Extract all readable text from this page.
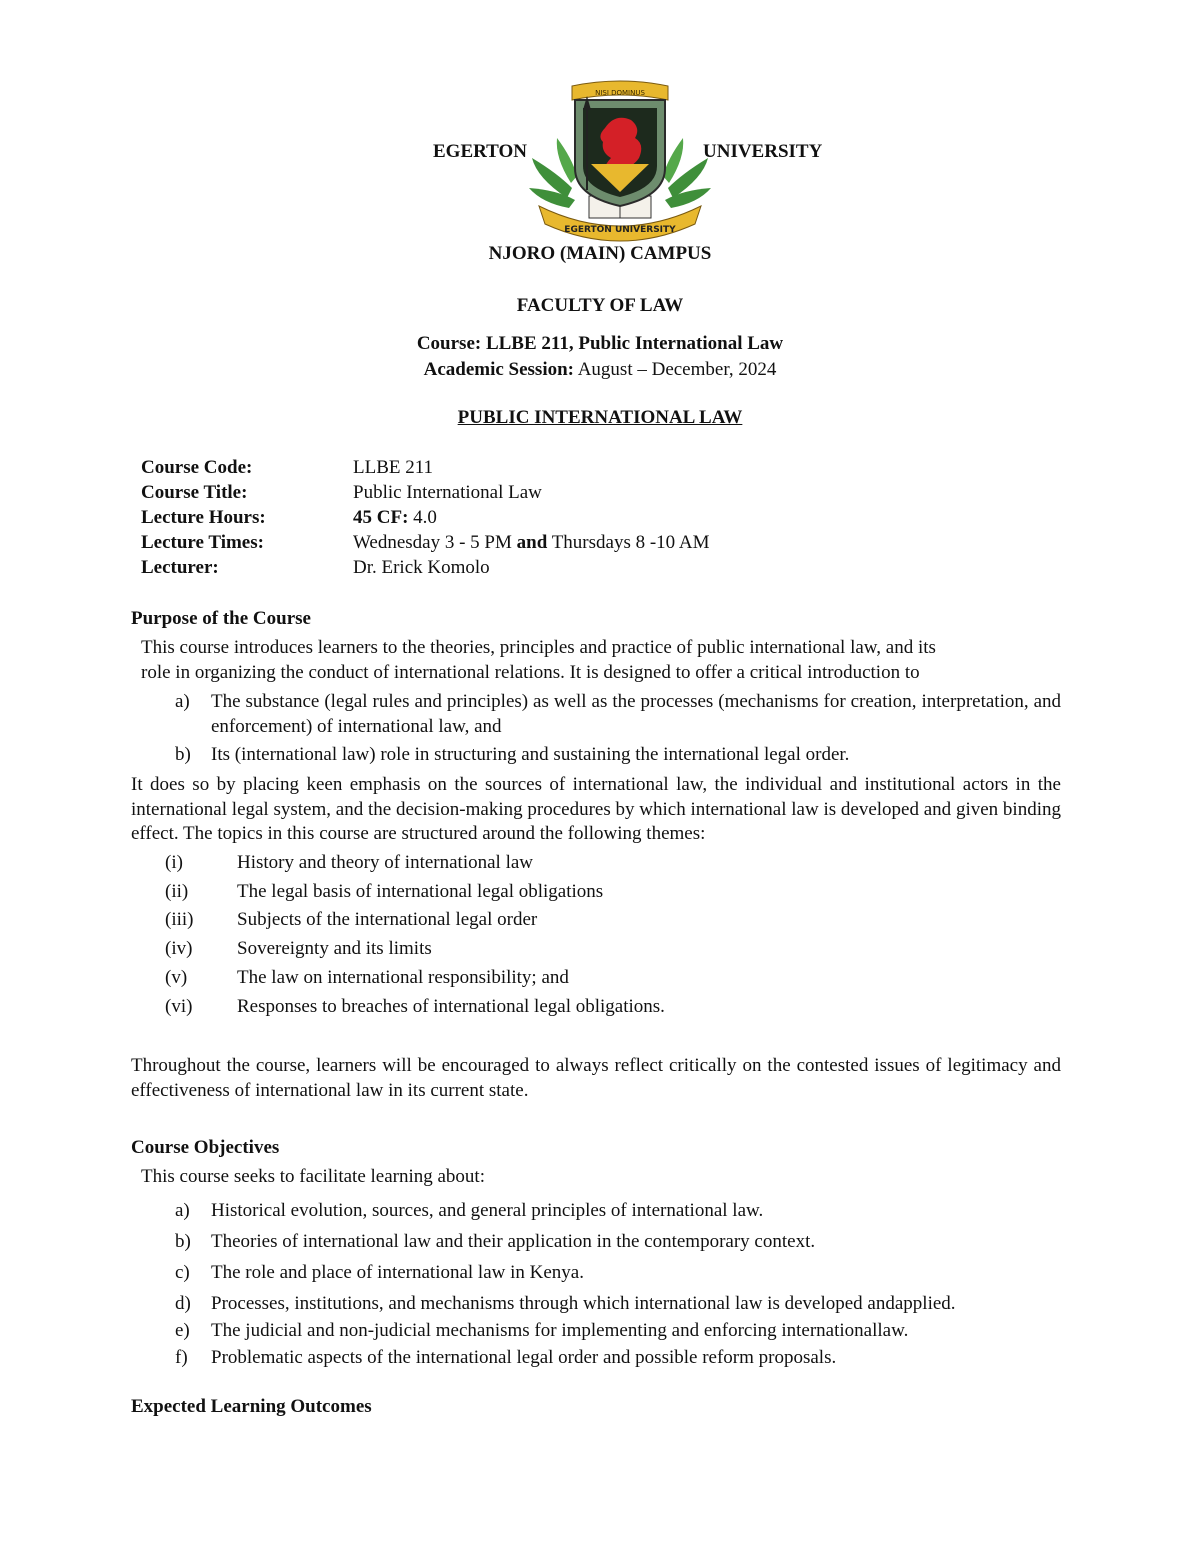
EGERTON
NISI DOMINUS
EGERTON UNIVERSITY
UNIVERSITY
NJORO (MAIN) CAMPUS
FACULTY OF LAW
Course: LLBE 211, Public International Law
Academic Session: August – December, 2024
PUBLIC INTERNATIONAL LAW
Course Code:	LLBE 211
Course Title:	Public International Law
Lecture Hours:	45 CF: 4.0
Lecture Times:	Wednesday 3 - 5 PM and Thursdays 8 -10 AM
Lecturer:	Dr. Erick Komolo
Purpose of the Course
This course introduces learners to the theories, principles and practice of public international law, and its
role in organizing the conduct of international relations. It is designed to offer a critical introduction to
a) The substance (legal rules and principles) as well as the processes (mechanisms for creation, interpretation, and enforcement) of international law, and
b) Its (international law) role in structuring and sustaining the international legal order.
It does so by placing keen emphasis on the sources of international law, the individual and institutional actors in the international legal system, and the decision-making procedures by which international law is developed and given binding effect. The topics in this course are structured around the following themes:
(i)	History and theory of international law
(ii)	The legal basis of international legal obligations
(iii) Subjects of the international legal order
(iv) Sovereignty and its limits
(v)	The law on international responsibility; and
(vi) Responses to breaches of international legal obligations.
Throughout the course, learners will be encouraged to always reflect critically on the contested issues of legitimacy and effectiveness of international law in its current state.
Course Objectives
This course seeks to facilitate learning about:
a) Historical evolution, sources, and general principles of international law.
b) Theories of international law and their application in the contemporary context.
c) The role and place of international law in Kenya.
d) Processes, institutions, and mechanisms through which international law is developed andapplied.
e) The judicial and non-judicial mechanisms for implementing and enforcing internationallaw.
f) Problematic aspects of the international legal order and possible reform proposals.
Expected Learning Outcomes
